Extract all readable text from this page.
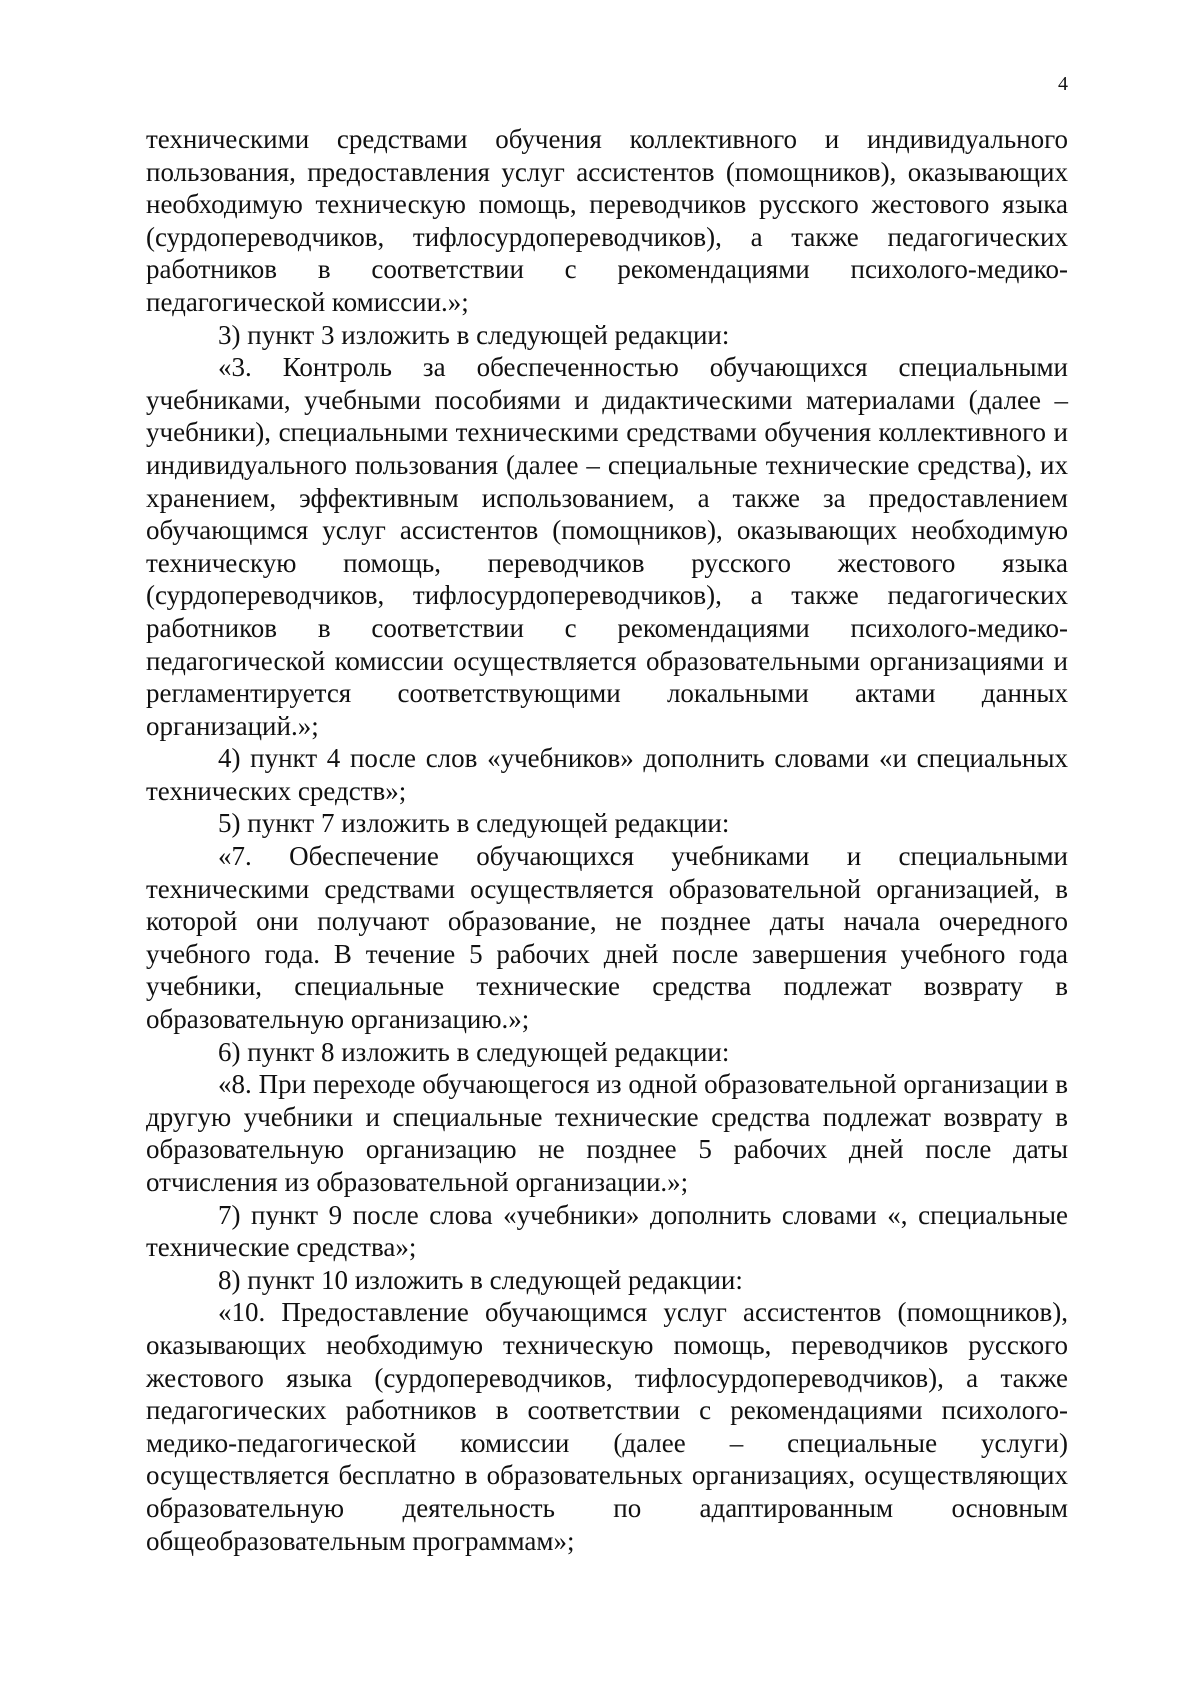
4

техническими средствами обучения коллективного и индивидуального пользования, предоставления услуг ассистентов (помощников), оказывающих необходимую техническую помощь, переводчиков русского жестового языка (сурдопереводчиков, тифлосурдопереводчиков), а также педагогических работников в соответствии с рекомендациями психолого-медико-педагогической комиссии.»;

3) пункт 3 изложить в следующей редакции:

«3. Контроль за обеспеченностью обучающихся специальными учебниками, учебными пособиями и дидактическими материалами (далее – учебники), специальными техническими средствами обучения коллективного и индивидуального пользования (далее – специальные технические средства), их хранением, эффективным использованием, а также за предоставлением обучающимся услуг ассистентов (помощников), оказывающих необходимую техническую помощь, переводчиков русского жестового языка (сурдопереводчиков, тифлосурдопереводчиков), а также педагогических работников в соответствии с рекомендациями психолого-медико-педагогической комиссии осуществляется образовательными организациями и регламентируется соответствующими локальными актами данных организаций.»;

4) пункт 4 после слов «учебников» дополнить словами «и специальных технических средств»;

5) пункт 7 изложить в следующей редакции:

«7. Обеспечение обучающихся учебниками и специальными техническими средствами осуществляется образовательной организацией, в которой они получают образование, не позднее даты начала очередного учебного года. В течение 5 рабочих дней после завершения учебного года учебники, специальные технические средства подлежат возврату в образовательную организацию.»;

6) пункт 8 изложить в следующей редакции:

«8. При переходе обучающегося из одной образовательной организации в другую учебники и специальные технические средства подлежат возврату в образовательную организацию не позднее 5 рабочих дней после даты отчисления из образовательной организации.»;

7) пункт 9 после слова «учебники» дополнить словами «, специальные технические средства»;

8) пункт 10 изложить в следующей редакции:

«10. Предоставление обучающимся услуг ассистентов (помощников), оказывающих необходимую техническую помощь, переводчиков русского жестового языка (сурдопереводчиков, тифлосурдопереводчиков), а также педагогических работников в соответствии с рекомендациями психолого-медико-педагогической комиссии (далее – специальные услуги) осуществляется бесплатно в образовательных организациях, осуществляющих образовательную деятельность по адаптированным основным общеобразовательным программам»;
